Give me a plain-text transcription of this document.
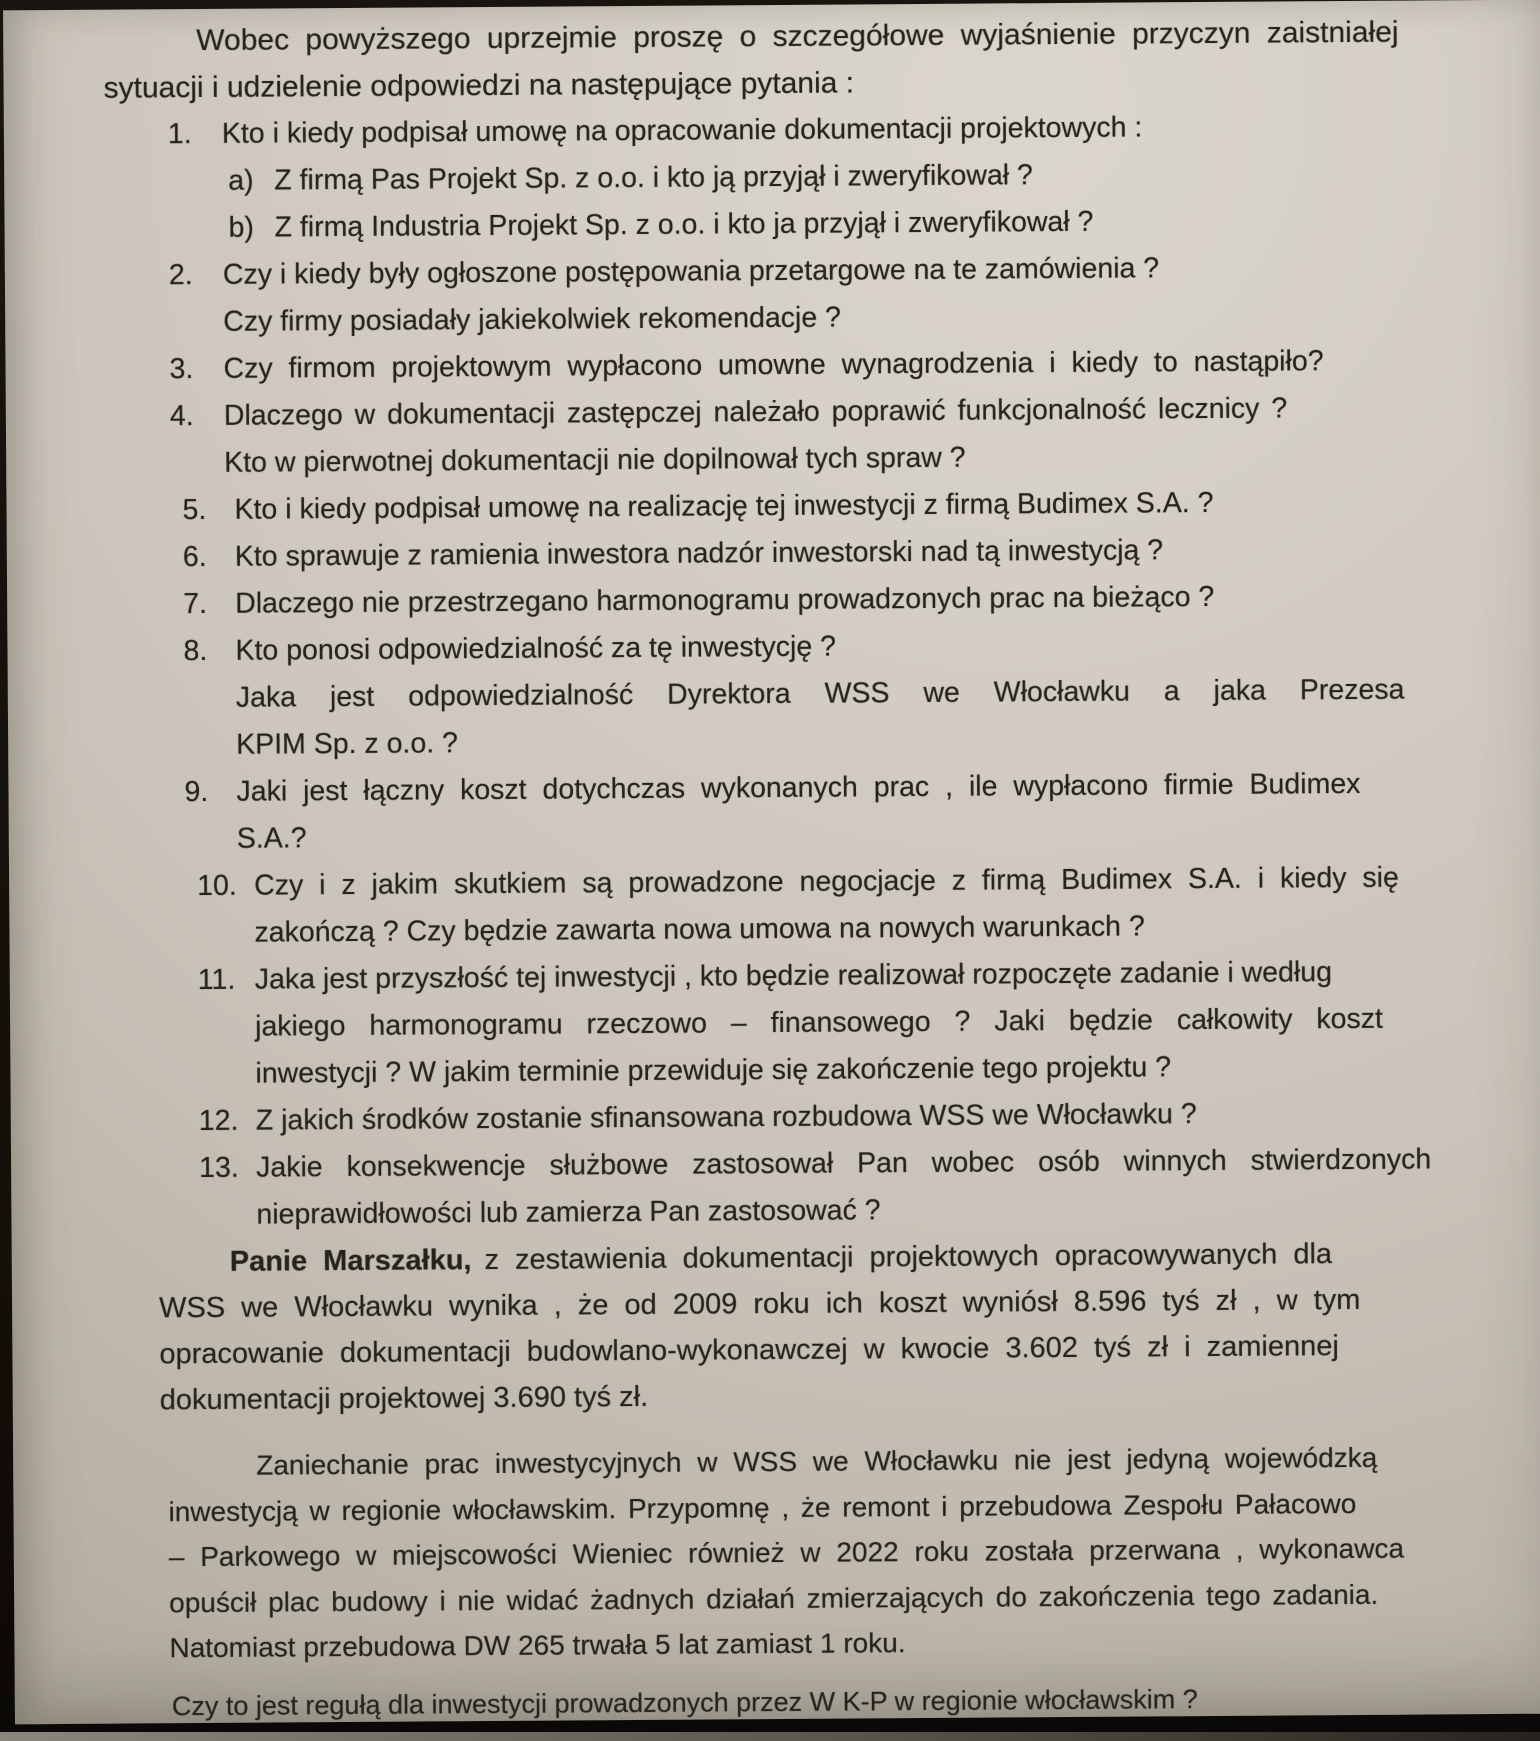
Wobec powyższego uprzejmie proszę o szczegółowe wyjaśnienie przyczyn zaistniałej
sytuacji i udzielenie odpowiedzi na następujące pytania :
1. Kto i kiedy podpisał umowę na opracowanie dokumentacji projektowych :
a) Z firmą Pas Projekt Sp. z o.o. i kto ją przyjął i zweryfikował ?
b) Z firmą Industria Projekt Sp. z o.o. i kto ja przyjął i zweryfikował ?
2. Czy i kiedy były ogłoszone postępowania przetargowe na te zamówienia ?
Czy firmy posiadały jakiekolwiek rekomendacje ?
3. Czy firmom projektowym wypłacono umowne wynagrodzenia i kiedy to nastąpiło?
4. Dlaczego w dokumentacji zastępczej należało poprawić funkcjonalność lecznicy ?
Kto w pierwotnej dokumentacji nie dopilnował tych spraw ?
5. Kto i kiedy podpisał umowę na realizację tej inwestycji z firmą Budimex S.A. ?
6. Kto sprawuje z ramienia inwestora nadzór inwestorski nad tą inwestycją ?
7. Dlaczego nie przestrzegano harmonogramu prowadzonych prac na bieżąco ?
8. Kto ponosi odpowiedzialność za tę inwestycję ?
Jaka jest odpowiedzialność Dyrektora WSS we Włocławku a jaka Prezesa
KPIM Sp. z o.o. ?
9. Jaki jest łączny koszt dotychczas wykonanych prac , ile wypłacono firmie Budimex
S.A.?
10. Czy i z jakim skutkiem są prowadzone negocjacje z firmą Budimex S.A. i kiedy się
zakończą ? Czy będzie zawarta nowa umowa na nowych warunkach ?
11. Jaka jest przyszłość tej inwestycji , kto będzie realizował rozpoczęte zadanie i według
jakiego harmonogramu rzeczowo – finansowego ? Jaki będzie całkowity koszt
inwestycji ? W jakim terminie przewiduje się zakończenie tego projektu ?
12. Z jakich środków zostanie sfinansowana rozbudowa WSS we Włocławku ?
13. Jakie konsekwencje służbowe zastosował Pan wobec osób winnych stwierdzonych
nieprawidłowości lub zamierza Pan zastosować ?
Panie Marszałku, z zestawienia dokumentacji projektowych opracowywanych dla
WSS we Włocławku wynika , że od 2009 roku ich koszt wyniósł 8.596 tyś zł , w tym
opracowanie dokumentacji budowlano-wykonawczej w kwocie 3.602 tyś zł i zamiennej
dokumentacji projektowej 3.690 tyś zł.
Zaniechanie prac inwestycyjnych w WSS we Włocławku nie jest jedyną wojewódzką
inwestycją w regionie włocławskim. Przypomnę , że remont i przebudowa Zespołu Pałacowo
– Parkowego w miejscowości Wieniec również w 2022 roku została przerwana , wykonawca
opuścił plac budowy i nie widać żadnych działań zmierzających do zakończenia tego zadania.
Natomiast przebudowa DW 265 trwała 5 lat zamiast 1 roku.
Czy to jest regułą dla inwestycji prowadzonych przez W K-P w regionie włocławskim ?
